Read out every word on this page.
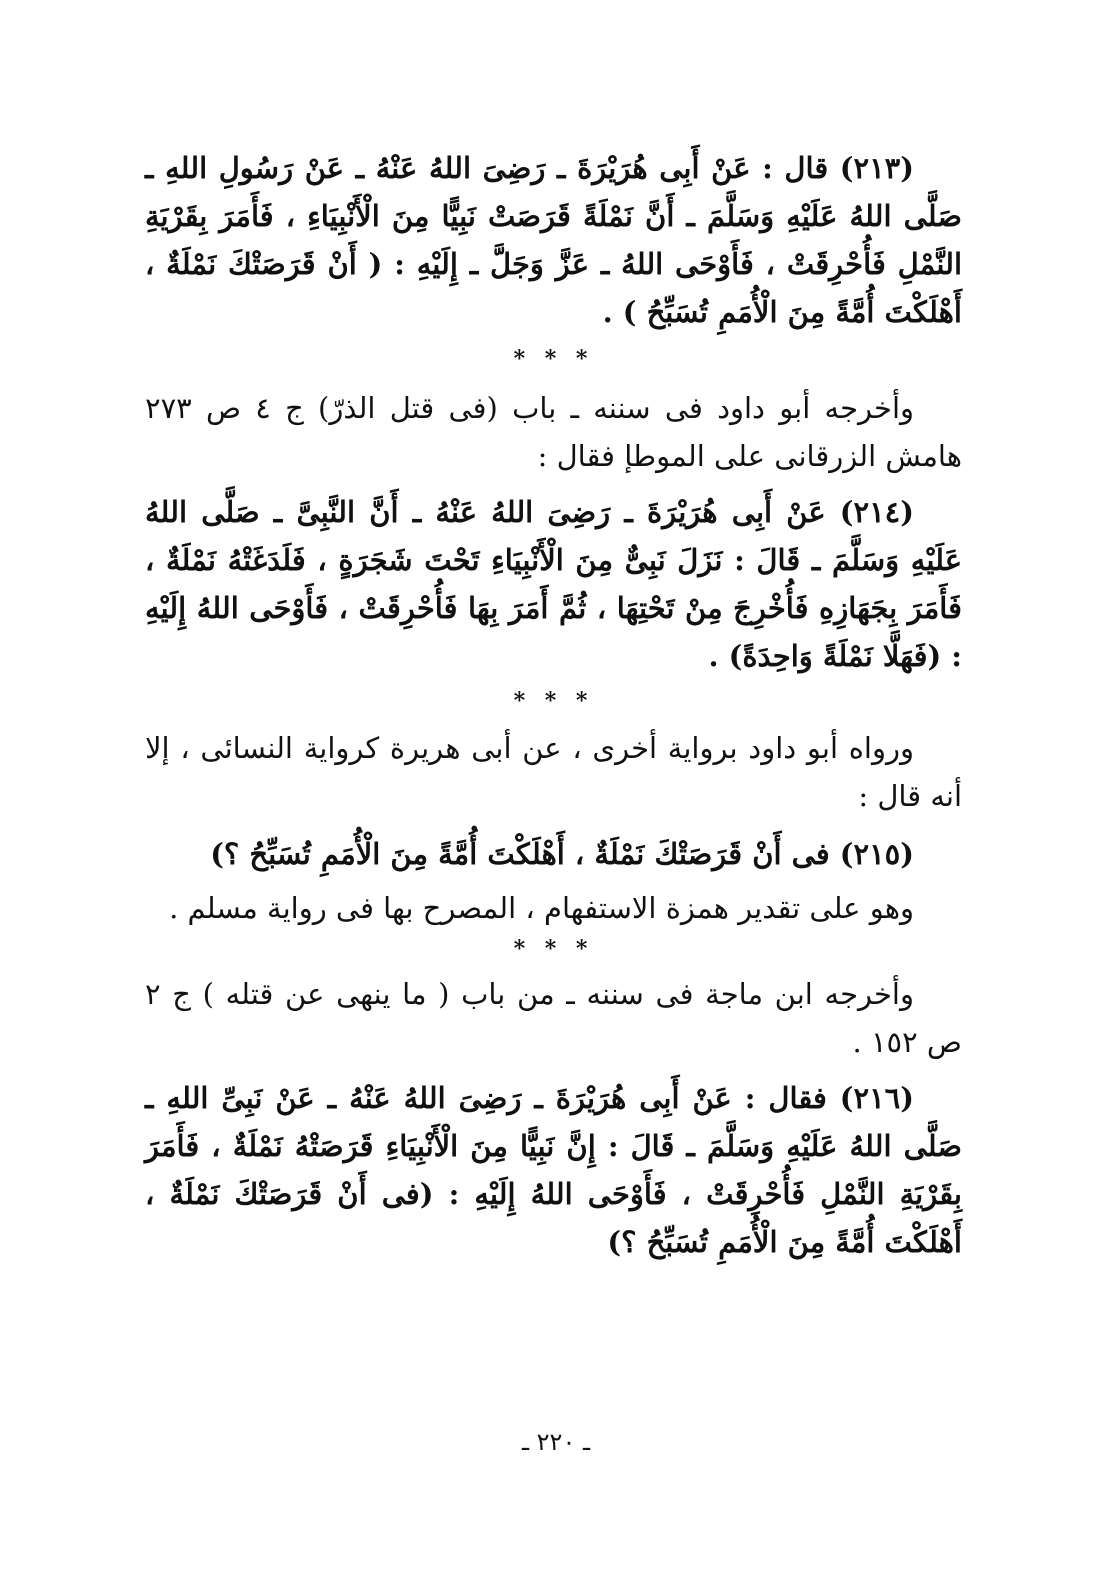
(٢١٣) قال : عَنْ أَبِى هُرَيْرَةَ ـ رَضِىَ اللهُ عَنْهُ ـ عَنْ رَسُولِ اللهِ ـ صَلَّى اللهُ عَلَيْهِ وَسَلَّمَ ـ أَنَّ نَمْلَةً قَرَصَتْ نَبِيًّا مِنَ الْأَنْبِيَاءِ ، فَأَمَرَ بِقَرْيَةِ النَّمْلِ فَأُحْرِقَتْ ، فَأَوْحَى اللهُ ـ عَزَّ وَجَلَّ ـ إِلَيْهِ : ( أَنْ قَرَصَتْكَ نَمْلَةٌ ، أَهْلَكْتَ أُمَّةً مِنَ الْأُمَمِ تُسَبِّحُ ) .

* * *

وأخرجه أبو داود فى سننه ـ باب (فى قتل الذرّ) ج ٤ ص ٢٧٣ هامش الزرقانى على الموطإ فقال :

(٢١٤) عَنْ أَبِى هُرَيْرَةَ ـ رَضِىَ اللهُ عَنْهُ ـ أَنَّ النَّبِىَّ ـ صَلَّى اللهُ عَلَيْهِ وَسَلَّمَ ـ قَالَ : نَزَلَ نَبِىٌّ مِنَ الْأَنْبِيَاءِ تَحْتَ شَجَرَةٍ ، فَلَدَغَتْهُ نَمْلَةٌ ، فَأَمَرَ بِجَهَازِهِ فَأُخْرِجَ مِنْ تَحْتِهَا ، ثُمَّ أَمَرَ بِهَا فَأُحْرِقَتْ ، فَأَوْحَى اللهُ إِلَيْهِ : (فَهَلَّا نَمْلَةً وَاحِدَةً) .

* * *

ورواه أبو داود برواية أخرى ، عن أبى هريرة كرواية النسائى ، إلا أنه قال :

(٢١٥) فى أَنْ قَرَصَتْكَ نَمْلَةٌ ، أَهْلَكْتَ أُمَّةً مِنَ الْأُمَمِ تُسَبِّحُ ؟)

وهو على تقدير همزة الاستفهام ، المصرح بها فى رواية مسلم .

* * *

وأخرجه ابن ماجة فى سننه ـ من باب ( ما ينهى عن قتله ) ج ٢ ص ١٥٢ .

(٢١٦) فقال : عَنْ أَبِى هُرَيْرَةَ ـ رَضِىَ اللهُ عَنْهُ ـ عَنْ نَبِىِّ اللهِ ـ صَلَّى اللهُ عَلَيْهِ وَسَلَّمَ ـ قَالَ : إِنَّ نَبِيًّا مِنَ الْأَنْبِيَاءِ قَرَصَتْهُ نَمْلَةٌ ، فَأَمَرَ بِقَرْيَةِ النَّمْلِ فَأُحْرِقَتْ ، فَأَوْحَى اللهُ إِلَيْهِ : (فى أَنْ قَرَصَتْكَ نَمْلَةٌ ، أَهْلَكْتَ أُمَّةً مِنَ الْأُمَمِ تُسَبِّحُ ؟)

ـ ٢٢٠ ـ
